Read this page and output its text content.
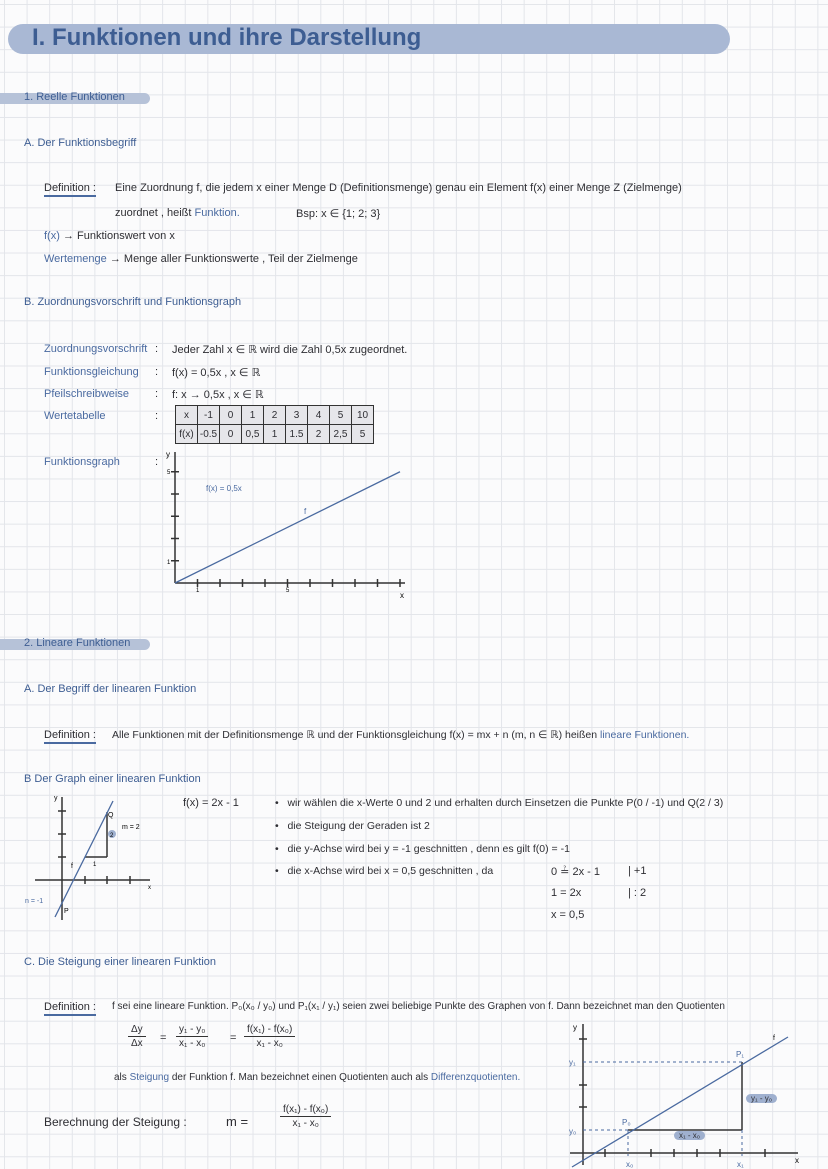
I. Funktionen und ihre Darstellung
1. Reelle Funktionen
A. Der Funktionsbegriff
Definition : Eine Zuordnung f, die jedem x einer Menge D (Definitionsmenge) genau ein Element f(x) einer Menge Z (Zielmenge)
zuordnet , heißt Funktion.	Bsp: x ∈ {1; 2; 3}
f(x) → Funktionswert von x
Wertemenge → Menge aller Funktionswerte , Teil der Zielmenge
B. Zuordnungsvorschrift und Funktionsgraph
Zuordnungsvorschrift : Jeder Zahl x ∈ ℝ wird die Zahl 0,5x zugeordnet.
Funktionsgleichung : f(x) = 0,5x , x ∈ ℝ
Pfeilschreibweise : f: x → 0,5x , x ∈ ℝ
Wertetabelle	:	x	-1	0	1	2	3	4	5	10
f(x)	-0.5	0	0,5	1	1.5	2	2,5	5
Funktionsgraph	:
x
y
1	5
1
5
f(x) = 0,5x
f
2
1
m = 2
n = -1
P
Q
f
y
x
x
y
f
P₀
P₁
x₀	x₁
y₁
y₀
y₁ - y₀
x₁ - x₀
2. Lineare Funktionen
A. Der Begriff der linearen Funktion
Definition : Alle Funktionen mit der Definitionsmenge ℝ und der Funktionsgleichung f(x) = mx + n (m, n ∈ ℝ) heißen lineare Funktionen.
B Der Graph einer linearen Funktion
f(x) = 2x - 1	•   wir wählen die x-Werte 0 und 2 und erhalten durch Einsetzen die Punkte P(0 / -1) und Q(2 / 3)
•   die Steigung der Geraden ist 2
•   die y-Achse wird bei y = -1 geschnitten , denn es gilt f(0) = -1
•   die x-Achse wird bei x = 0,5 geschnitten , da	0 ≟ 2x - 1	| +1
1 = 2x	| : 2
x = 0,5
C. Die Steigung einer linearen Funktion
Definition : f sei eine lineare Funktion. P₀(x₀ / y₀) und P₁(x₁ / y₁) seien zwei beliebige Punkte des Graphen von f. Dann bezeichnet man den Quotienten
$\frac{\Delta y}{\Delta x} = \frac{\text{y₁ - y₀}}{\text{x₁ - x₀}} = \frac{\text{f(x₁) - f(x₀)}}{\text{x₁ - x₀}}$
als Steigung der Funktion f. Man bezeichnet einen Quotienten auch als Differenzquotienten.
Berechnung der Steigung :	m =	$\frac{\text{f(x₁) - f(x₀)}}{\text{x₁ - x₀}}$
